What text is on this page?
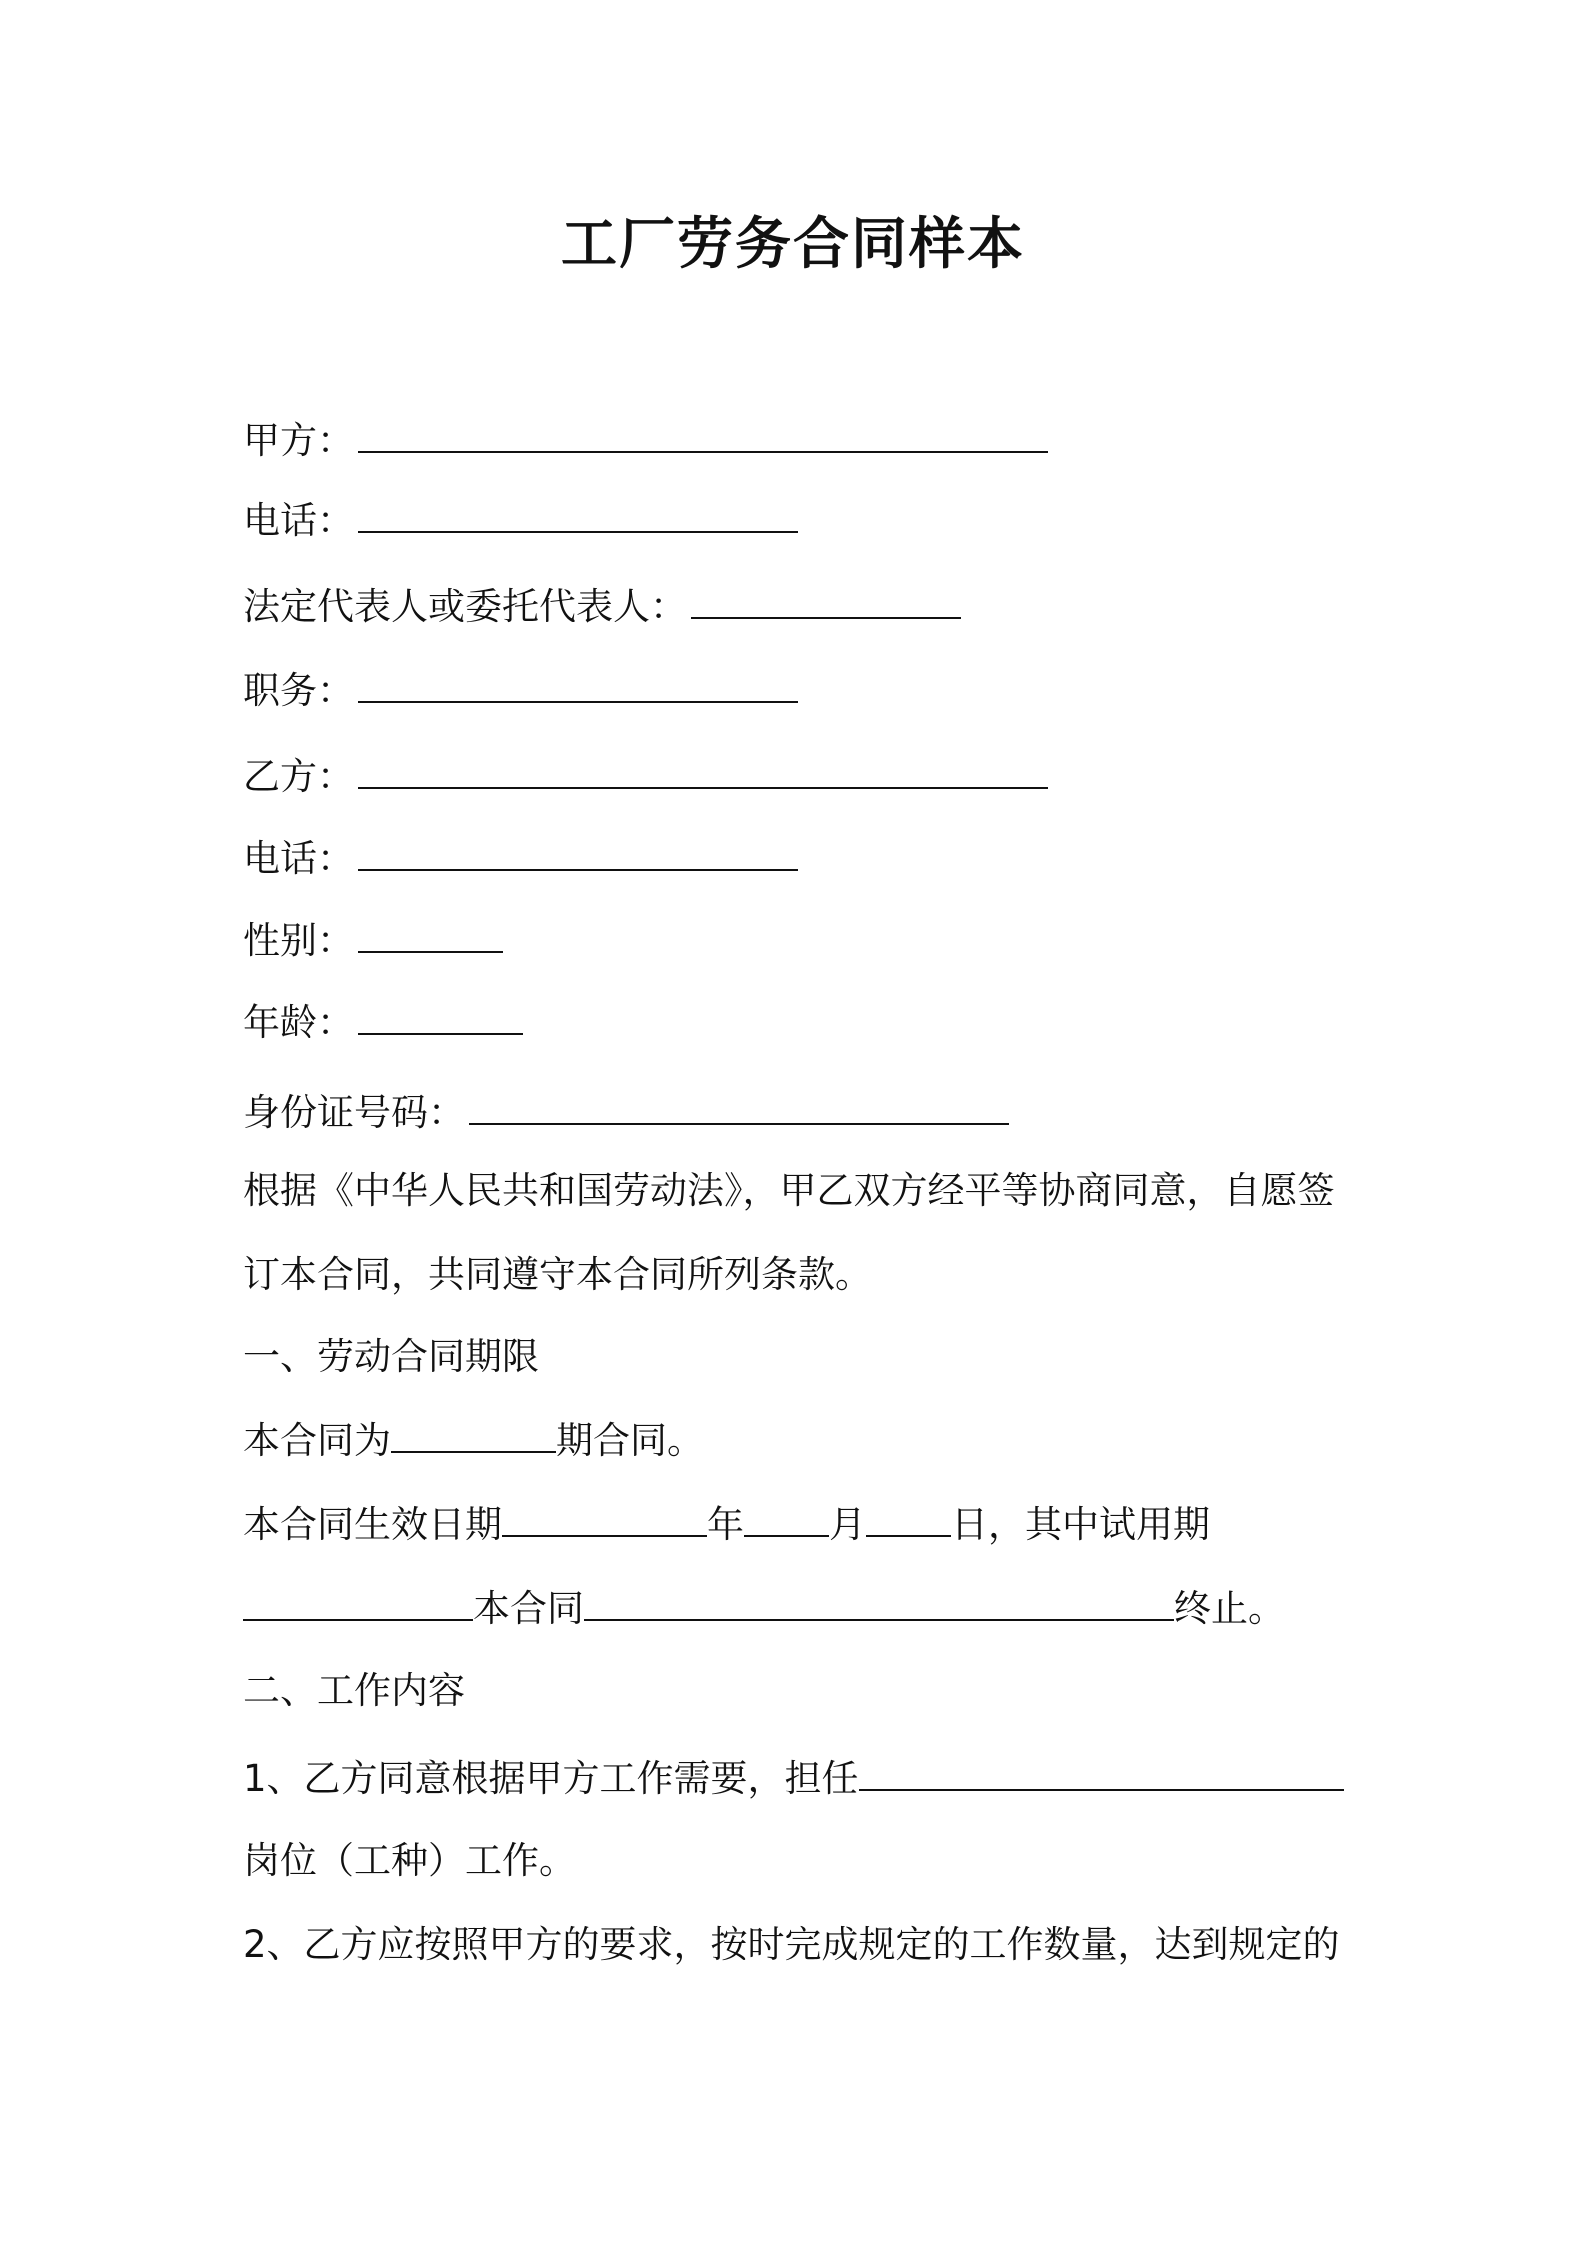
工厂劳务合同样本
甲方：
电话：
法定代表人或委托代表人：
职务：
乙方：
电话：
性别：
年龄：
身份证号码：
根据《中华人民共和国劳动法》，甲乙双方经平等协商同意，自愿签
订本合同，共同遵守本合同所列条款。
一、劳动合同期限
本合同为	期合同。
本合同生效日期	年 月 日，其中试用期
本合同	终止。
二、工作内容
1、乙方同意根据甲方工作需要，担任
岗位（工种）工作。
2、乙方应按照甲方的要求，按时完成规定的工作数量，达到规定的
